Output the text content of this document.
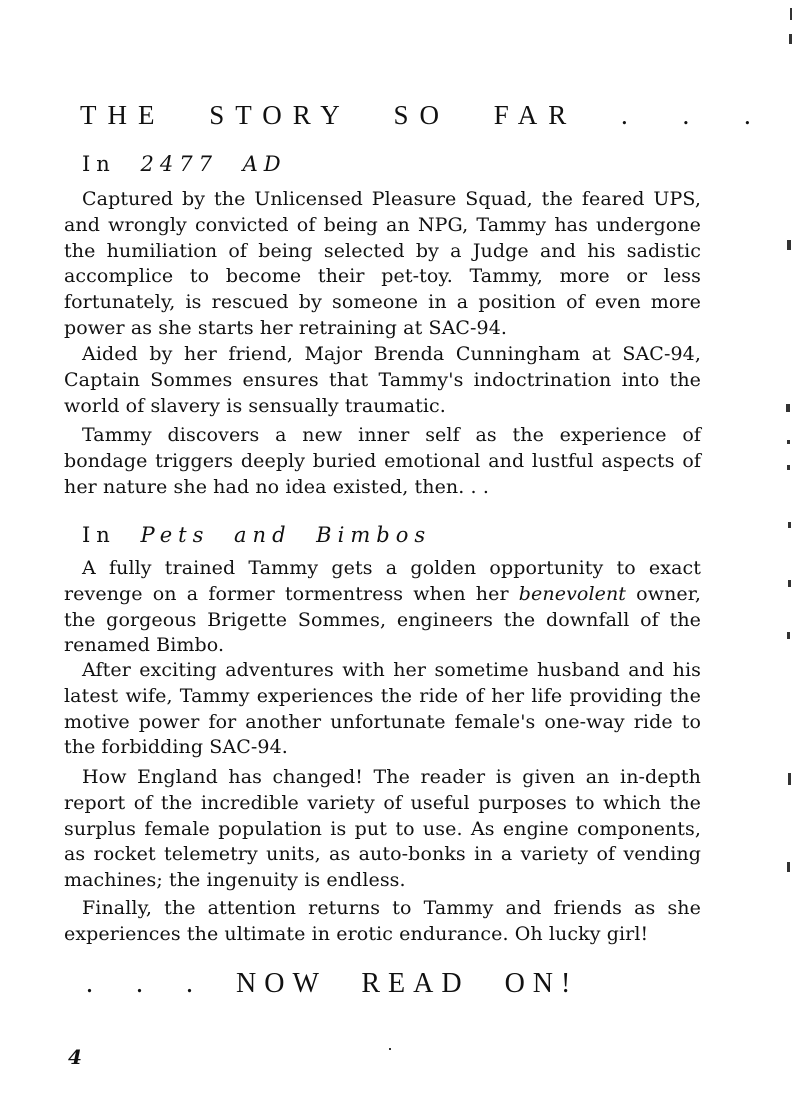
THE STORY SO FAR . . .
In 2477 AD

Captured by the Unlicensed Pleasure Squad, the feared UPS, and wrongly convicted of being an NPG, Tammy has undergone the humiliation of being selected by a Judge and his sadistic accomplice to become their pet-toy. Tammy, more or less fortunately, is rescued by someone in a position of even more power as she starts her retraining at SAC-94.

Aided by her friend, Major Brenda Cunningham at SAC-94, Captain Sommes ensures that Tammy's indoctrination into the world of slavery is sensually traumatic.

Tammy discovers a new inner self as the experience of bondage triggers deeply buried emotional and lustful aspects of her nature she had no idea existed, then. . .

In Pets and Bimbos

A fully trained Tammy gets a golden opportunity to exact revenge on a former tormentress when her benevolent owner, the gorgeous Brigette Sommes, engineers the downfall of the renamed Bimbo.

After exciting adventures with her sometime husband and his latest wife, Tammy experiences the ride of her life providing the motive power for another unfortunate female's one-way ride to the forbidding SAC-94.

How England has changed! The reader is given an in-depth report of the incredible variety of useful purposes to which the surplus female population is put to use. As engine components, as rocket telemetry units, as auto-bonks in a variety of vending machines; the ingenuity is endless.

Finally, the attention returns to Tammy and friends as she experiences the ultimate in erotic endurance. Oh lucky girl!

. . . NOW READ ON!
4
